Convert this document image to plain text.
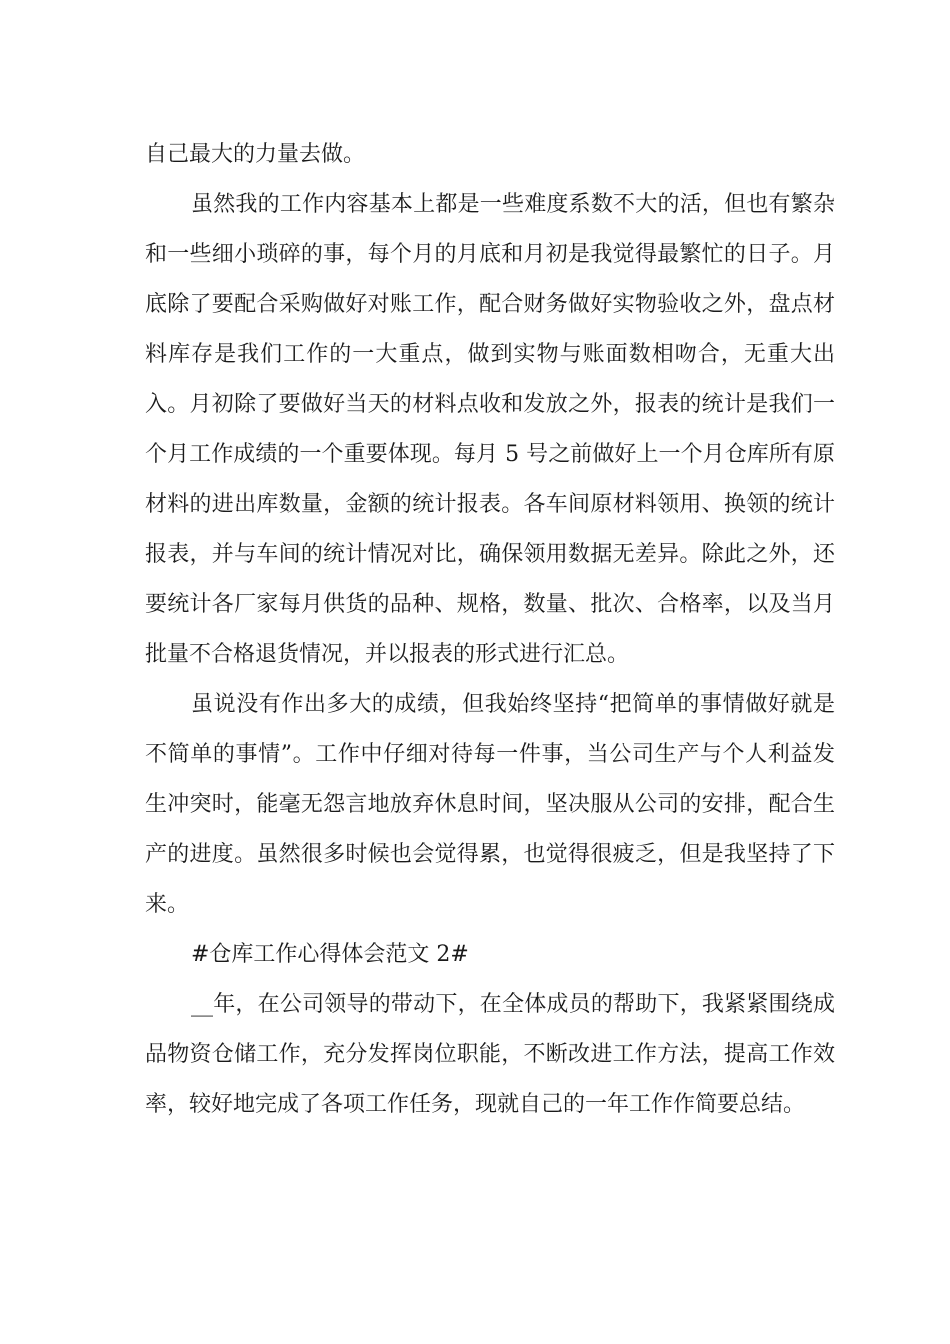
自己最大的力量去做。

虽然我的工作内容基本上都是一些难度系数不大的活，但也有繁杂和一些细小琐碎的事，每个月的月底和月初是我觉得最繁忙的日子。月底除了要配合采购做好对账工作，配合财务做好实物验收之外，盘点材料库存是我们工作的一大重点，做到实物与账面数相吻合，无重大出入。月初除了要做好当天的材料点收和发放之外，报表的统计是我们一个月工作成绩的一个重要体现。每月 5 号之前做好上一个月仓库所有原材料的进出库数量，金额的统计报表。各车间原材料领用、换领的统计报表，并与车间的统计情况对比，确保领用数据无差异。除此之外，还要统计各厂家每月供货的品种、规格，数量、批次、合格率，以及当月批量不合格退货情况，并以报表的形式进行汇总。

虽说没有作出多大的成绩，但我始终坚持“把简单的事情做好就是不简单的事情”。工作中仔细对待每一件事，当公司生产与个人利益发生冲突时，能毫无怨言地放弃休息时间，坚决服从公司的安排，配合生产的进度。虽然很多时候也会觉得累，也觉得很疲乏，但是我坚持了下来。

#仓库工作心得体会范文 2#

__年，在公司领导的带动下，在全体成员的帮助下，我紧紧围绕成品物资仓储工作，充分发挥岗位职能，不断改进工作方法，提高工作效率，较好地完成了各项工作任务，现就自己的一年工作作简要总结。
